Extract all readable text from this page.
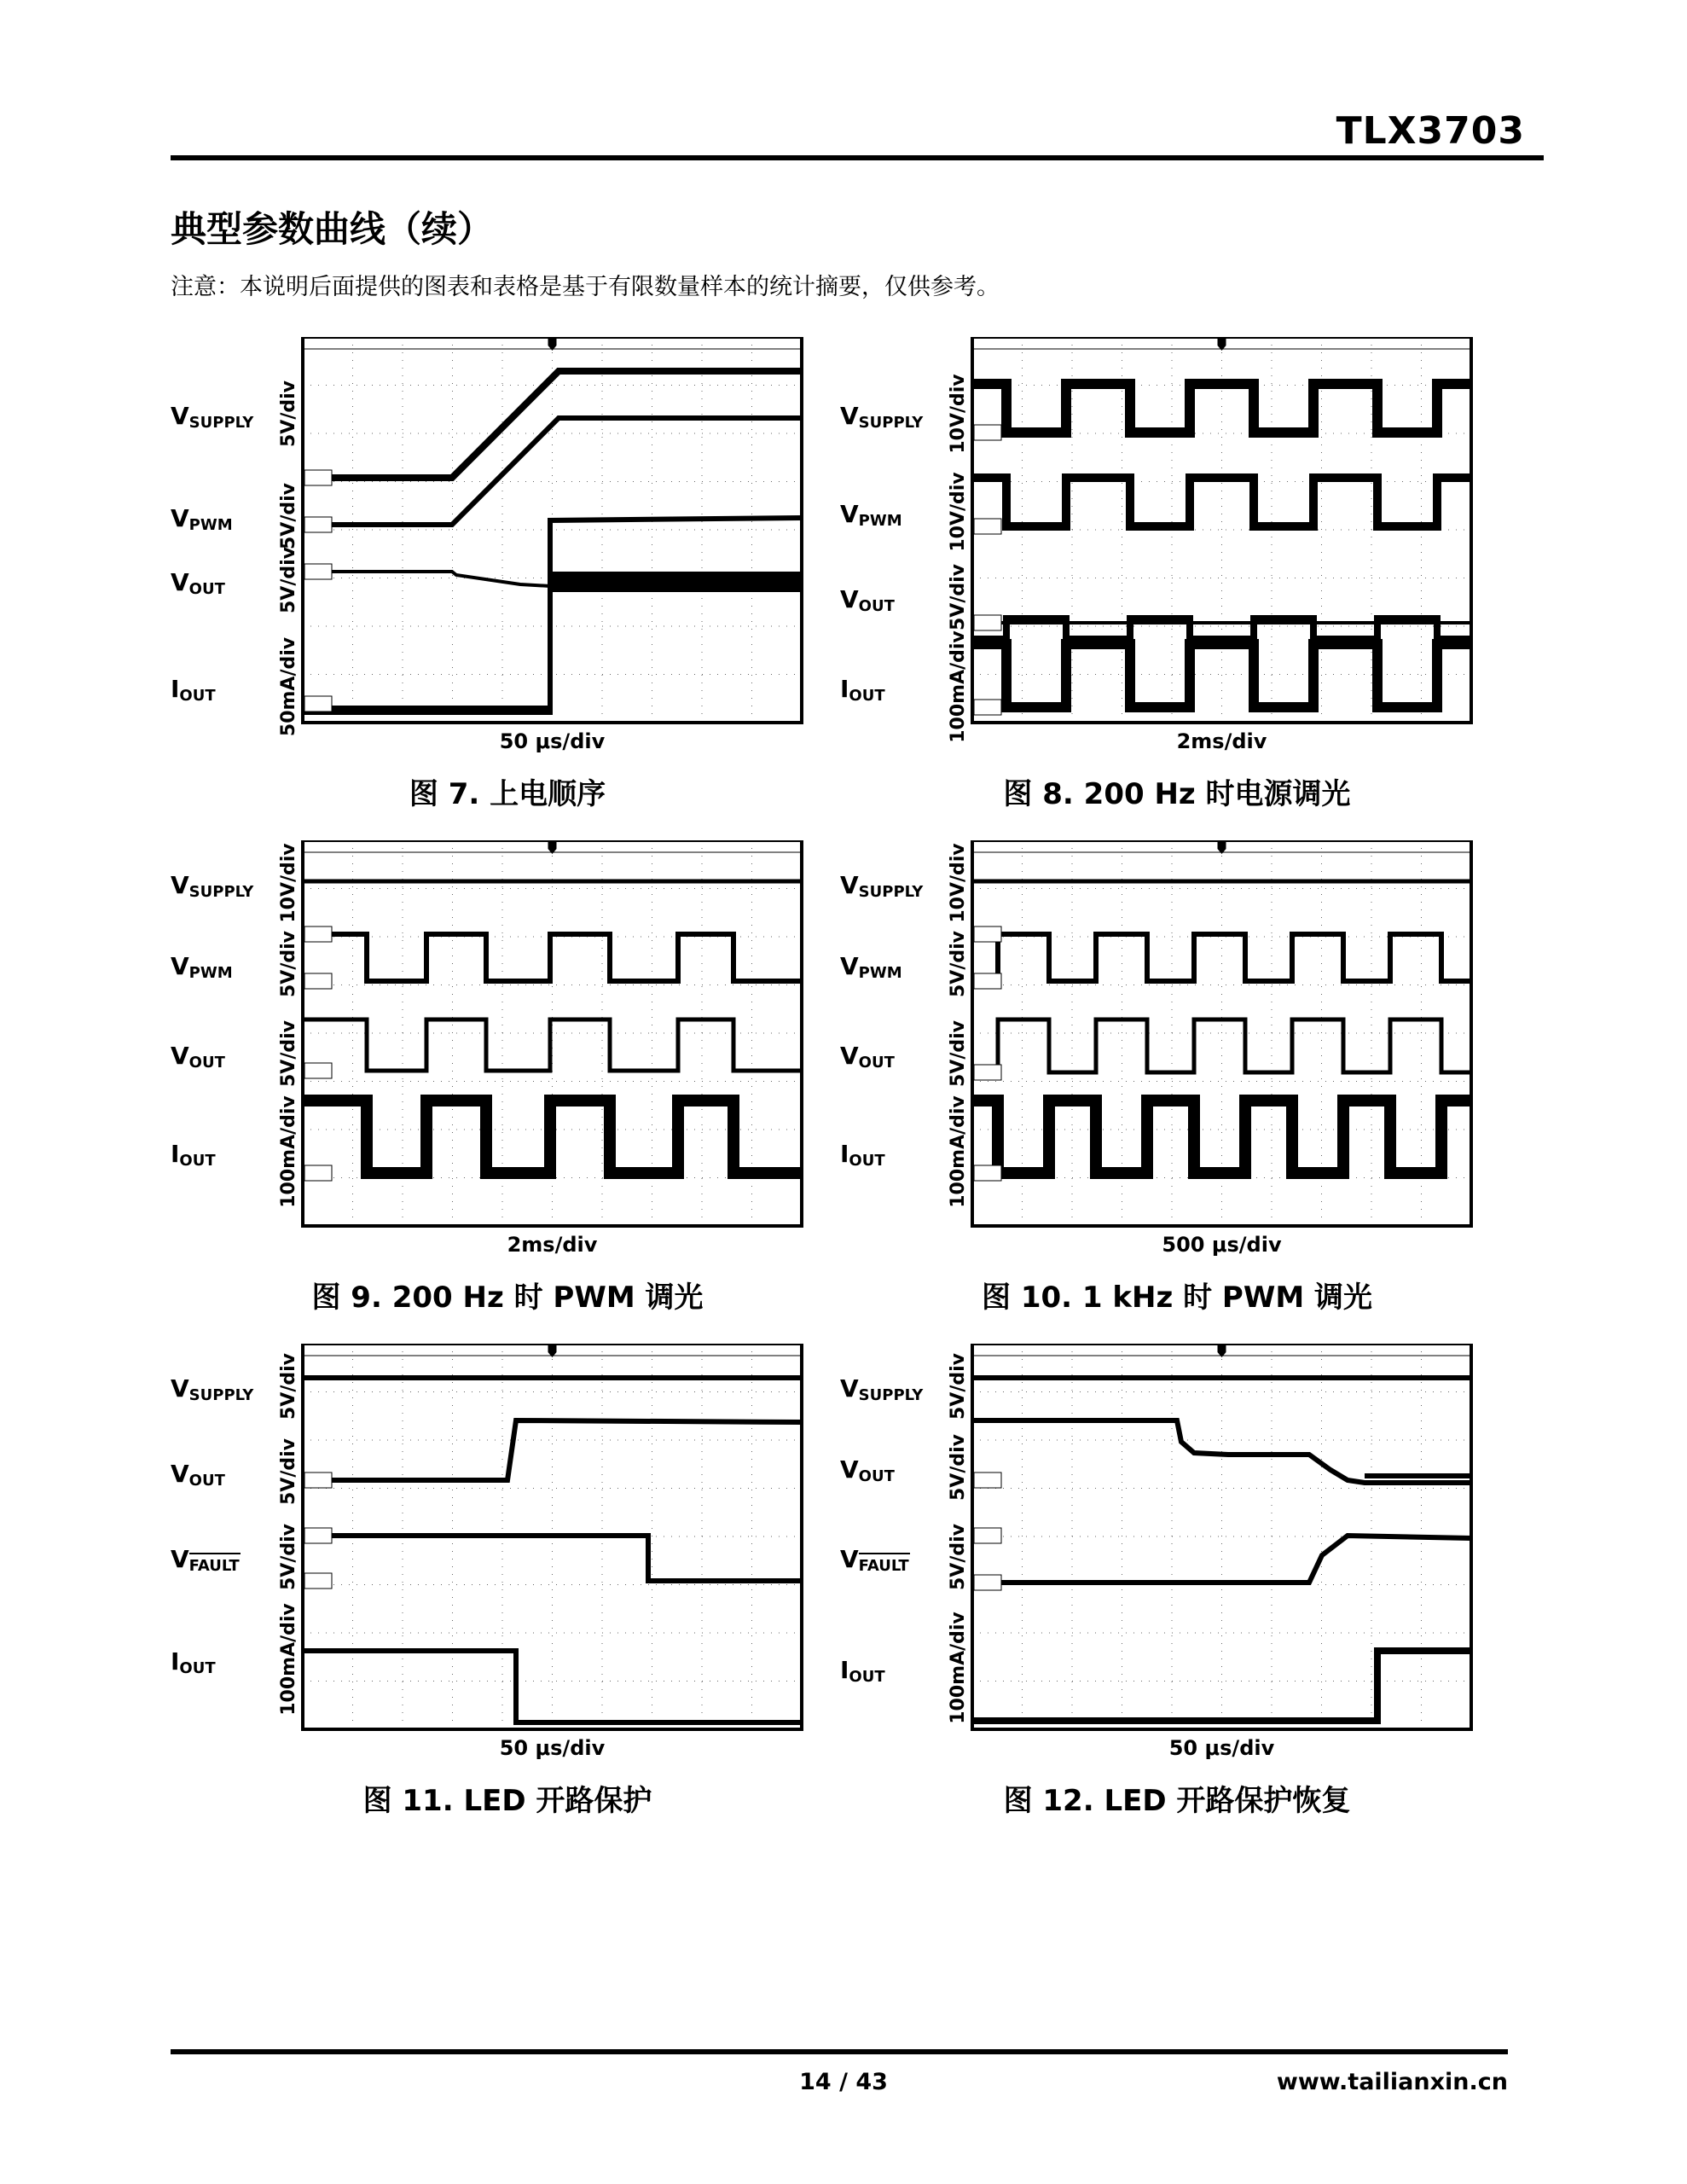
TLX3703
典型参数曲线（续）
注意：本说明后面提供的图表和表格是基于有限数量样本的统计摘要，仅供参考。
VSUPPLY 5V/div
VPWM 5V/div
VOUT	5V/div
IOUT	50mA/div
50 μs/div
图 7. 上电顺序
VSUPPLY 10V/div
VPWM 10V/div
VOUT	5V/div
IOUT	100mA/div	2ms/div
图 8. 200 Hz 时电源调光
VSUPPLY 10V/div
VPWM 5V/div
VOUT	5V/div
IOUT	100mA/div
2ms/div
图 9. 200 Hz 时 PWM 调光
VSUPPLY 10V/div
VPWM 5V/div
VOUT	5V/div
IOUT	100mA/div
500 μs/div
图 10. 1 kHz 时 PWM 调光
VSUPPLY 5V/div
VOUT	5V/div
VFAULT 5V/div
IOUT	100mA/div
50 μs/div
图 11. LED 开路保护
VSUPPLY 5V/div
VOUT	5V/div
VFAULT 5V/div
IOUT	100mA/div
50 μs/div
图 12. LED 开路保护恢复
14 / 43	www.tailianxin.cn
